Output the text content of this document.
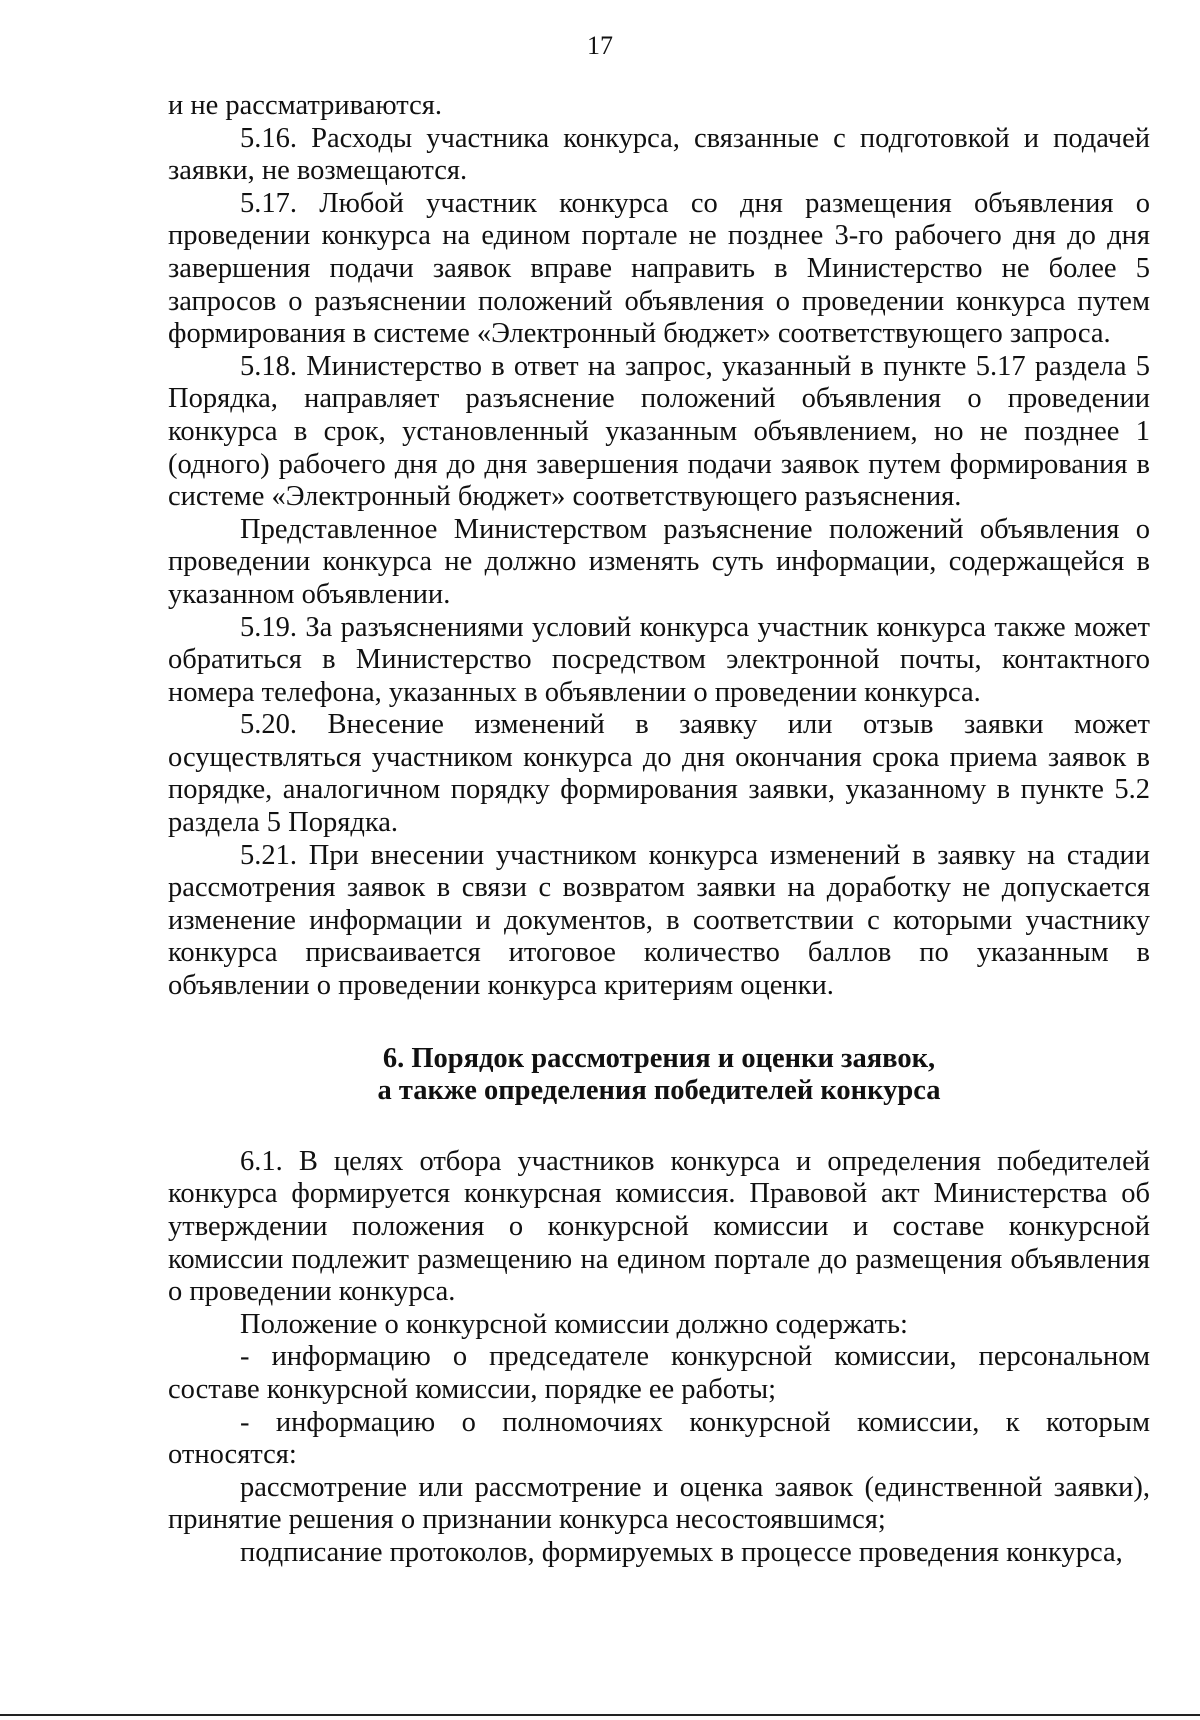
17

и не рассматриваются.

5.16. Расходы участника конкурса, связанные с подготовкой и подачей заявки, не возмещаются.

5.17. Любой участник конкурса со дня размещения объявления о проведении конкурса на едином портале не позднее 3-го рабочего дня до дня завершения подачи заявок вправе направить в Министерство не более 5 запросов о разъяснении положений объявления о проведении конкурса путем формирования в системе «Электронный бюджет» соответствующего запроса.

5.18. Министерство в ответ на запрос, указанный в пункте 5.17 раздела 5 Порядка, направляет разъяснение положений объявления о проведении конкурса в срок, установленный указанным объявлением, но не позднее 1 (одного) рабочего дня до дня завершения подачи заявок путем формирования в системе «Электронный бюджет» соответствующего разъяснения.

Представленное Министерством разъяснение положений объявления о проведении конкурса не должно изменять суть информации, содержащейся в указанном объявлении.

5.19. За разъяснениями условий конкурса участник конкурса также может обратиться в Министерство посредством электронной почты, контактного номера телефона, указанных в объявлении о проведении конкурса.

5.20. Внесение изменений в заявку или отзыв заявки может осуществляться участником конкурса до дня окончания срока приема заявок в порядке, аналогичном порядку формирования заявки, указанному в пункте 5.2 раздела 5 Порядка.

5.21. При внесении участником конкурса изменений в заявку на стадии рассмотрения заявок в связи с возвратом заявки на доработку не допускается изменение информации и документов, в соответствии с которыми участнику конкурса присваивается итоговое количество баллов по указанным в объявлении о проведении конкурса критериям оценки.

6. Порядок рассмотрения и оценки заявок,
а также определения победителей конкурса

6.1. В целях отбора участников конкурса и определения победителей конкурса формируется конкурсная комиссия. Правовой акт Министерства об утверждении положения о конкурсной комиссии и составе конкурсной комиссии подлежит размещению на едином портале до размещения объявления о проведении конкурса.

Положение о конкурсной комиссии должно содержать:

- информацию о председателе конкурсной комиссии, персональном составе конкурсной комиссии, порядке ее работы;

- информацию о полномочиях конкурсной комиссии, к которым относятся:

рассмотрение или рассмотрение и оценка заявок (единственной заявки), принятие решения о признании конкурса несостоявшимся;

подписание протоколов, формируемых в процессе проведения конкурса,
